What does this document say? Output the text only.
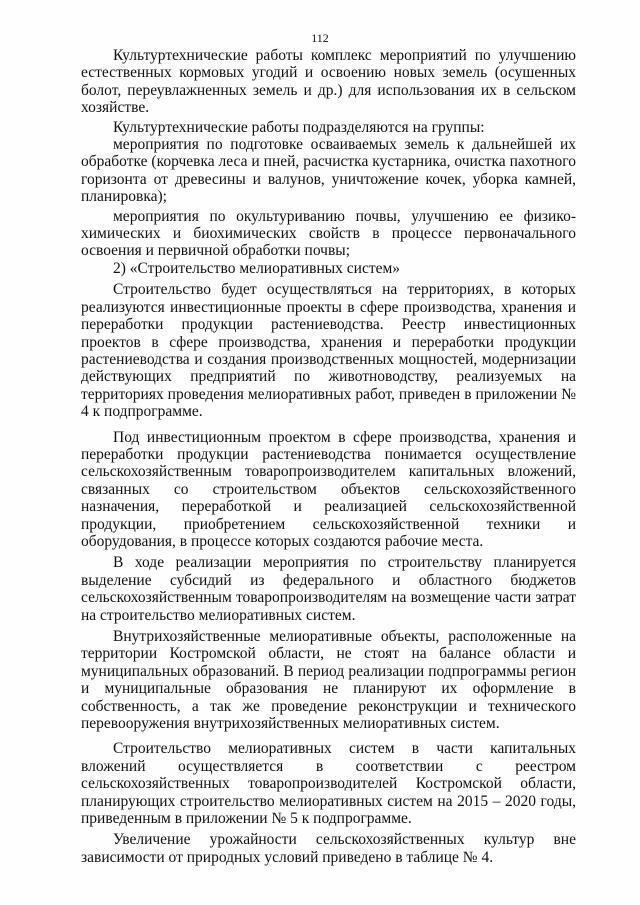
112

Культуртехнические работы комплекс мероприятий по улучшению естественных кормовых угодий и освоению новых земель (осушенных болот, переувлажненных земель и др.) для использования их в сельском хозяйстве.

Культуртехнические работы подразделяются на группы:

мероприятия по подготовке осваиваемых земель к дальнейшей их обработке (корчевка леса и пней, расчистка кустарника, очистка пахотного горизонта от древесины и валунов, уничтожение кочек, уборка камней, планировка);

мероприятия по окультуриванию почвы, улучшению ее физико-химических и биохимических свойств в процессе первоначального освоения и первичной обработки почвы;

2) «Строительство мелиоративных систем»

Строительство будет осуществляться на территориях, в которых реализуются инвестиционные проекты в сфере производства, хранения и переработки продукции растениеводства. Реестр инвестиционных проектов в сфере производства, хранения и переработки продукции растениеводства и создания производственных мощностей, модернизации действующих предприятий по животноводству, реализуемых на территориях проведения мелиоративных работ, приведен в приложении № 4 к подпрограмме.

Под инвестиционным проектом в сфере производства, хранения и переработки продукции растениеводства понимается осуществление сельскохозяйственным товаропроизводителем капитальных вложений, связанных со строительством объектов сельскохозяйственного назначения, переработкой и реализацией сельскохозяйственной продукции, приобретением сельскохозяйственной техники и оборудования, в процессе которых создаются рабочие места.

В ходе реализации мероприятия по строительству планируется выделение субсидий из федерального и областного бюджетов сельскохозяйственным товаропроизводителям на возмещение части затрат на строительство мелиоративных систем.

Внутрихозяйственные мелиоративные объекты, расположенные на территории Костромской области, не стоят на балансе области и муниципальных образований. В период реализации подпрограммы регион и муниципальные образования не планируют их оформление в собственность, а так же проведение реконструкции и технического перевооружения внутрихозяйственных мелиоративных систем.

Строительство мелиоративных систем в части капитальных вложений осуществляется в соответствии с реестром сельскохозяйственных товаропроизводителей Костромской области, планирующих строительство мелиоративных систем на 2015 – 2020 годы, приведенным в приложении № 5 к подпрограмме.

Увеличение урожайности сельскохозяйственных культур вне зависимости от природных условий приведено в таблице № 4.
